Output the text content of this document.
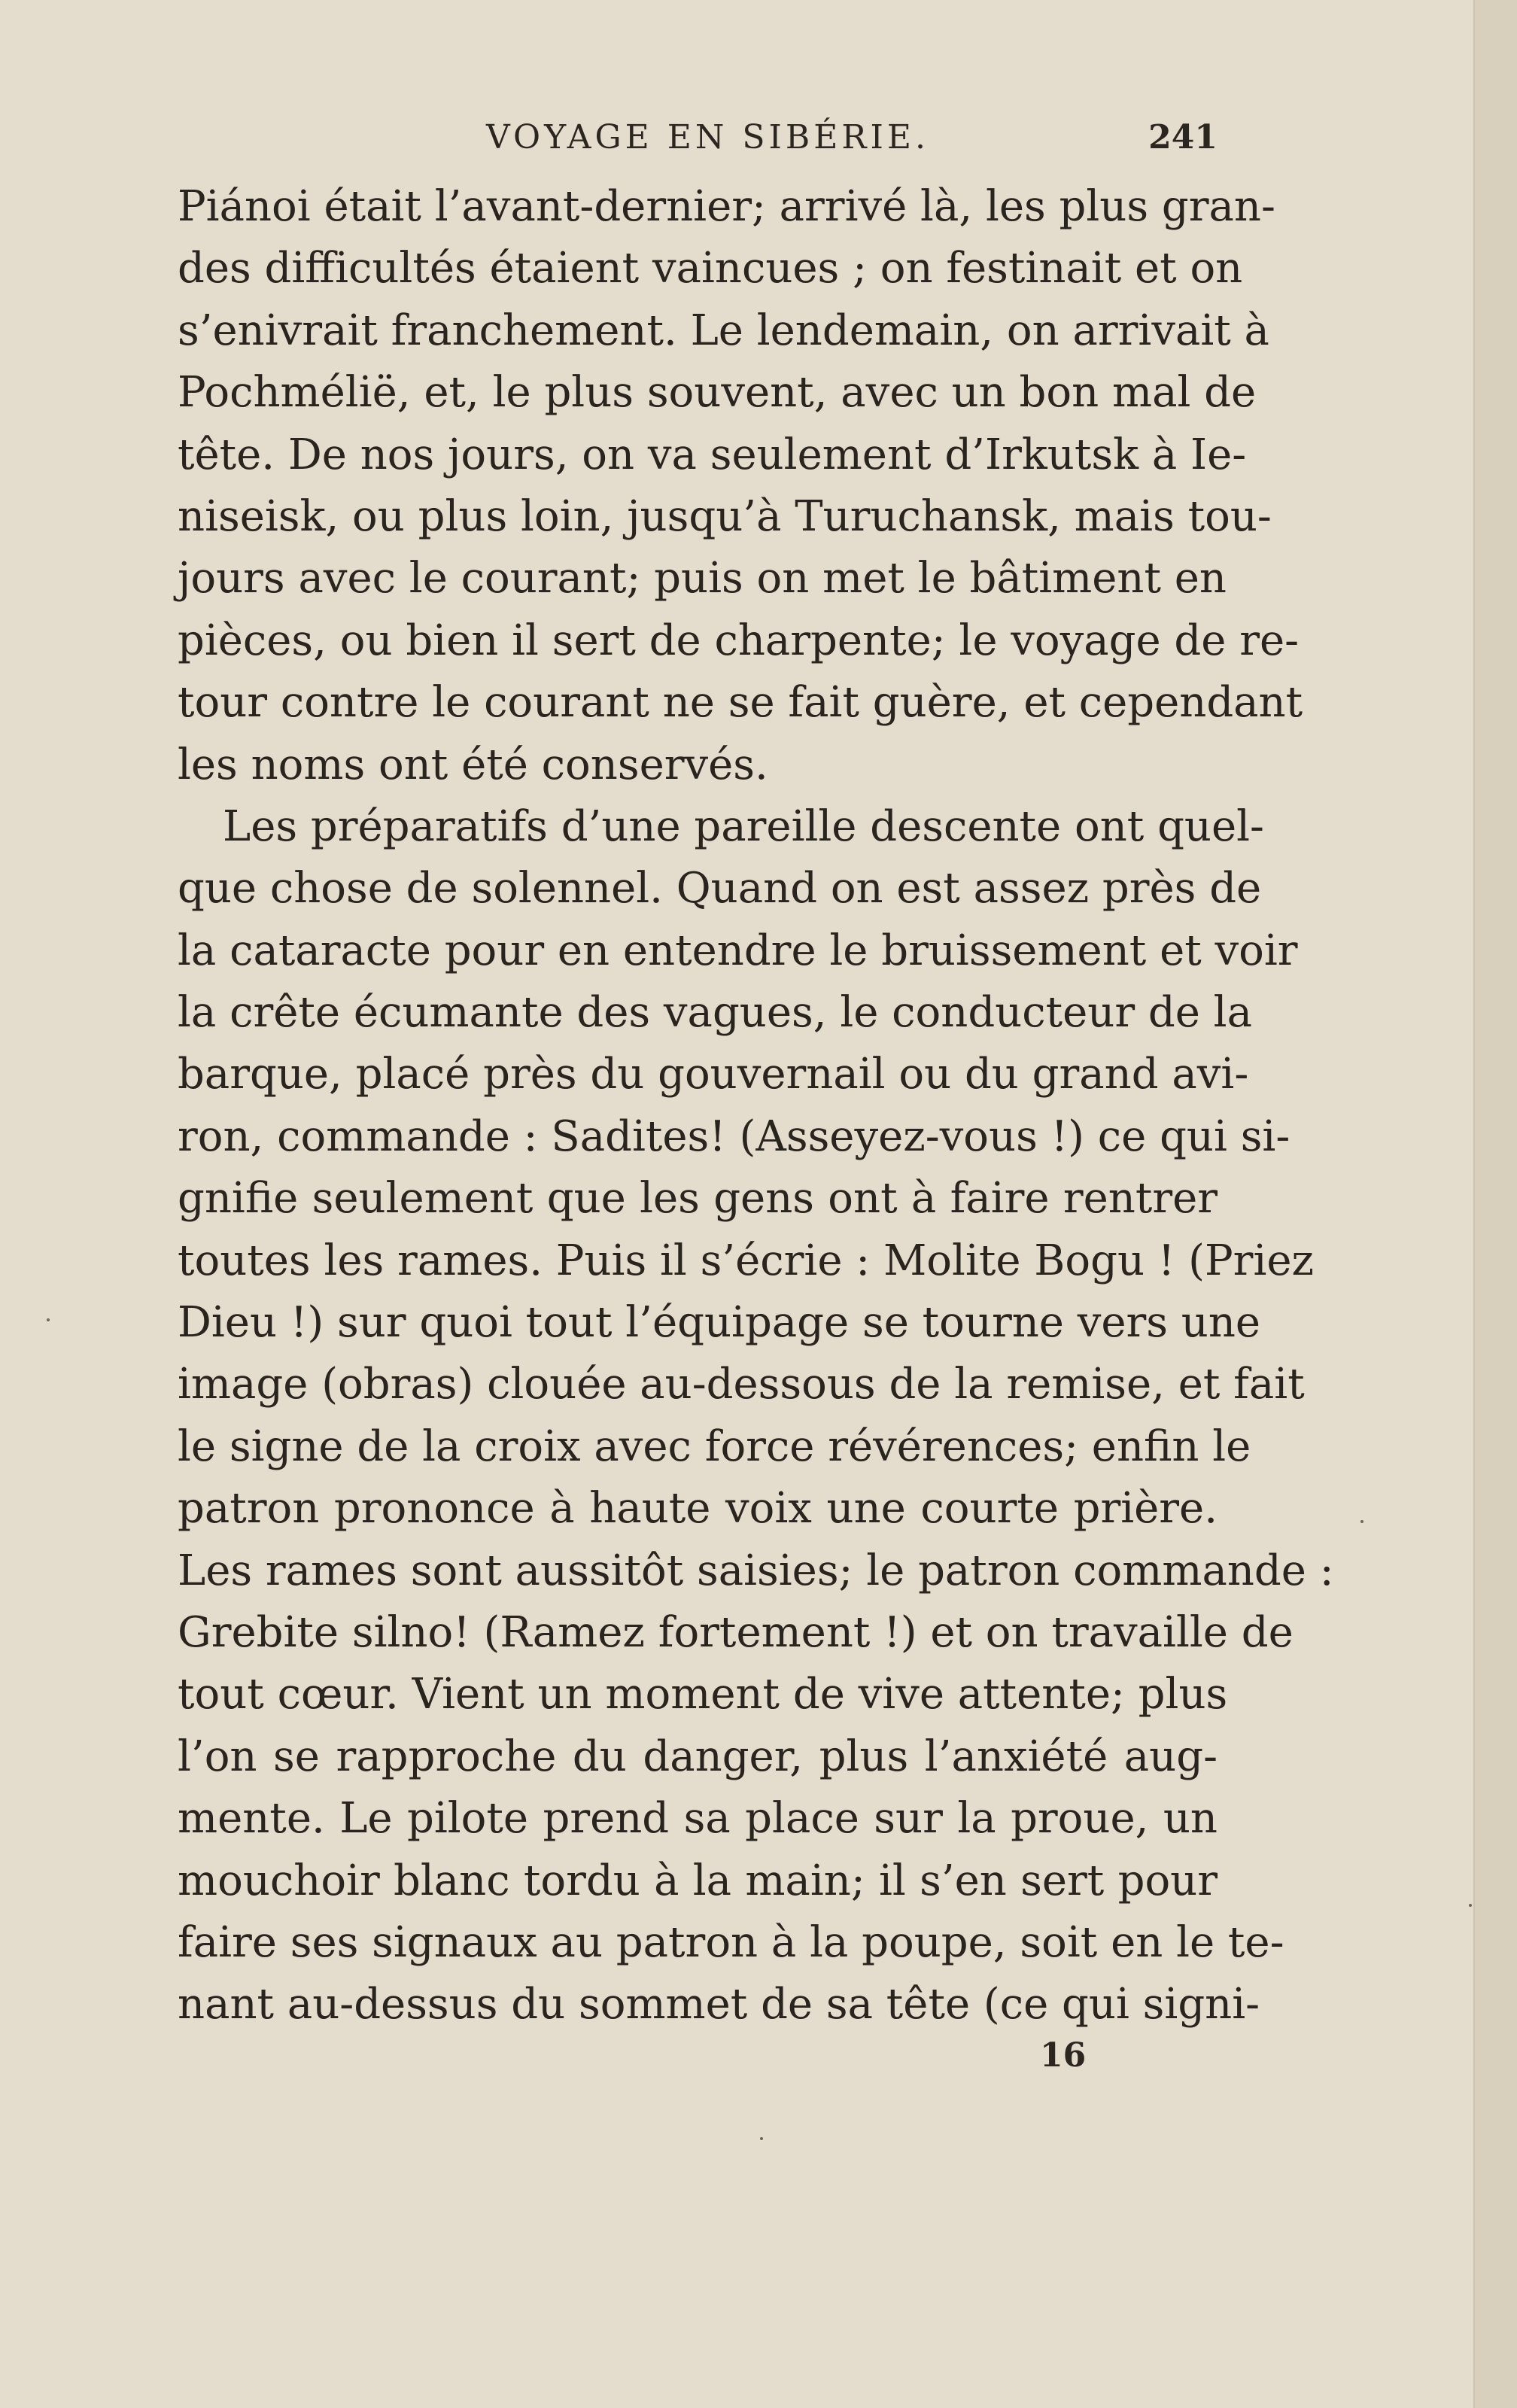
VOYAGE EN SIBÉRIE.	241
Piánoi était l’avant-dernier; arrivé là, les plus gran-
des difficultés étaient vaincues ; on festinait et on
s’enivrait franchement. Le lendemain, on arrivait à
Pochméliё, et, le plus souvent, avec un bon mal de
tête. De nos jours, on va seulement d’Irkutsk à Ie-
niseisk, ou plus loin, jusqu’à Turuchansk, mais tou-
jours avec le courant; puis on met le bâtiment en
pièces, ou bien il sert de charpente; le voyage de re-
tour contre le courant ne se fait guère, et cependant
les noms ont été conservés.
Les préparatifs d’une pareille descente ont quel-
que chose de solennel. Quand on est assez près de
la cataracte pour en entendre le bruissement et voir
la crête écumante des vagues, le conducteur de la
barque, placé près du gouvernail ou du grand avi-
ron, commande : Sadites! (Asseyez-vous !) ce qui si-
gnifie seulement que les gens ont à faire rentrer
toutes les rames. Puis il s’écrie : Molite Bogu ! (Priez
Dieu !) sur quoi tout l’équipage se tourne vers une
image (obras) clouée au-dessous de la remise, et fait
le signe de la croix avec force révérences; enfin le
patron prononce à haute voix une courte prière.
Les rames sont aussitôt saisies; le patron commande :
Grebite silno! (Ramez fortement !) et on travaille de
tout cœur. Vient un moment de vive attente; plus
l’on se rapproche du danger, plus l’anxiété aug-
mente. Le pilote prend sa place sur la proue, un
mouchoir blanc tordu à la main; il s’en sert pour
faire ses signaux au patron à la poupe, soit en le te-
nant au-dessus du sommet de sa tête (ce qui signi-
16
